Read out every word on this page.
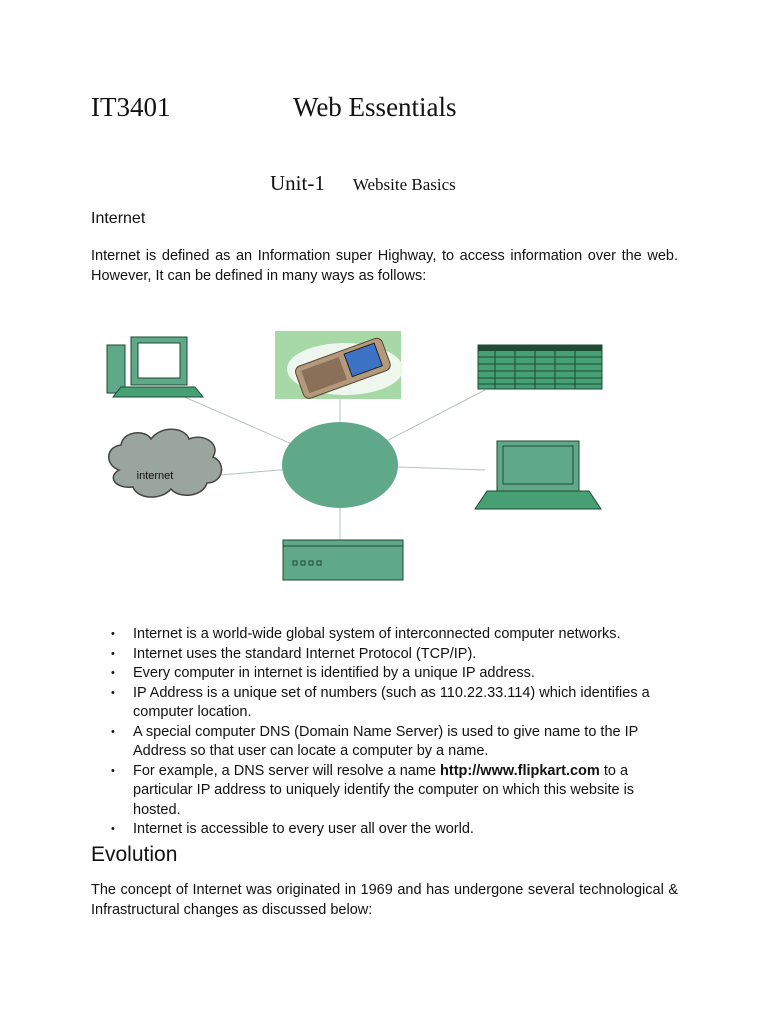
IT3401	Web Essentials
Unit-1 Website Basics
Internet

Internet is defined as an Information super Highway, to access information over the web. However, It can be defined in many ways as follows:

internet
• Internet is a world-wide global system of interconnected computer networks.
• Internet uses the standard Internet Protocol (TCP/IP).
• Every computer in internet is identified by a unique IP address.
• IP Address is a unique set of numbers (such as 110.22.33.114) which identifies a computer location.
• A special computer DNS (Domain Name Server) is used to give name to the IP Address so that user can locate a computer by a name.
• For example, a DNS server will resolve a name http://www.flipkart.com to a particular IP address to uniquely identify the computer on which this website is hosted.
• Internet is accessible to every user all over the world.
Evolution

The concept of Internet was originated in 1969 and has undergone several technological & Infrastructural changes as discussed below:
